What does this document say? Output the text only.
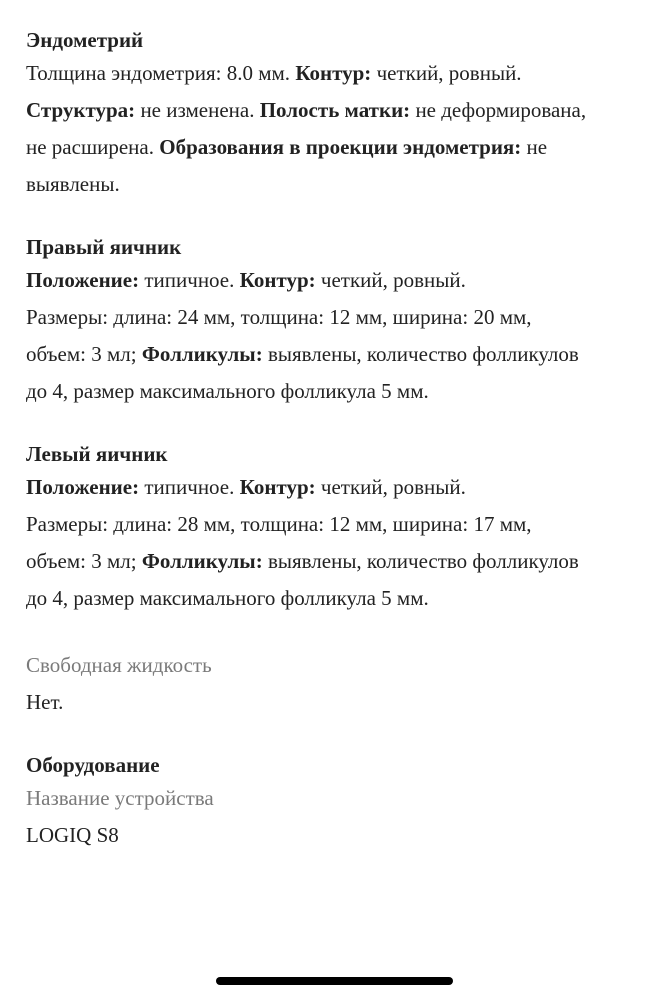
Эндометрий
Толщина эндометрия: 8.0 мм. Контур: четкий, ровный.
Структура: не изменена. Полость матки: не деформирована,
не расширена. Образования в проекции эндометрия: не
выявлены.
Правый яичник
Положение: типичное. Контур: четкий, ровный.
Размеры: длина: 24 мм, толщина: 12 мм, ширина: 20 мм,
объем: 3 мл; Фолликулы: выявлены, количество фолликулов
до 4, размер максимального фолликула 5 мм.
Левый яичник
Положение: типичное. Контур: четкий, ровный.
Размеры: длина: 28 мм, толщина: 12 мм, ширина: 17 мм,
объем: 3 мл; Фолликулы: выявлены, количество фолликулов
до 4, размер максимального фолликула 5 мм.
Свободная жидкость
Нет.
Оборудование
Название устройства
LOGIQ S8
